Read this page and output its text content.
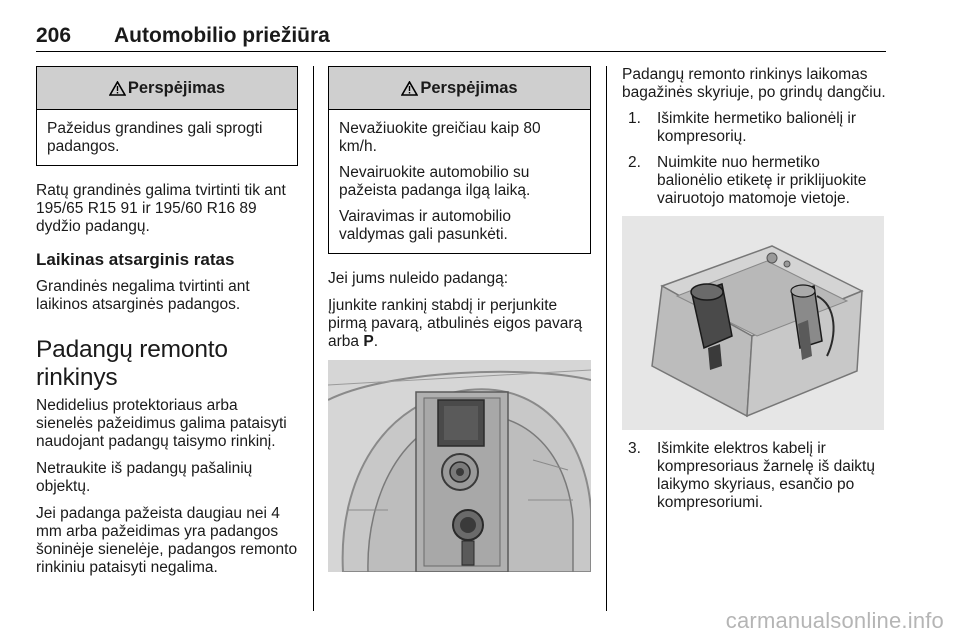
206 Automobilio priežiūra
Perspėjimas

Pažeidus grandines gali sprogti padangos.

Ratų grandinės galima tvirtinti tik ant 195/65 R15 91 ir 195/60 R16 89 dydžio padangų.

Laikinas atsarginis ratas

Grandinės negalima tvirtinti ant laikinos atsarginės padangos.

Padangų remonto rinkinys

Nedidelius protektoriaus arba sienelės pažeidimus galima pataisyti naudojant padangų taisymo rinkinį.

Netraukite iš padangų pašalinių objektų.

Jei padanga pažeista daugiau nei 4 mm arba pažeidimas yra padangos šoninėje sienelėje, padangos remonto rinkiniu pataisyti negalima.

Perspėjimas

Nevažiuokite greičiau kaip 80 km/h.

Nevairuokite automobilio su pažeista padanga ilgą laiką.

Vairavimas ir automobilio valdymas gali pasunkėti.

Jei jums nuleido padangą:

Įjunkite rankinį stabdį ir perjunkite pirmą pavarą, atbulinės eigos pavarą arba P.

Padangų remonto rinkinys laikomas bagažinės skyriuje, po grindų dangčiu.

1. Išimkite hermetiko balionėlį ir kompresorių.
2. Nuimkite nuo hermetiko balionėlio etiketę ir priklijuokite vairuotojo matomoje vietoje.
3. Išimkite elektros kabelį ir kompresoriaus žarnelę iš daiktų laikymo skyriaus, esančio po kompresoriumi.
carmanualsonline.info
